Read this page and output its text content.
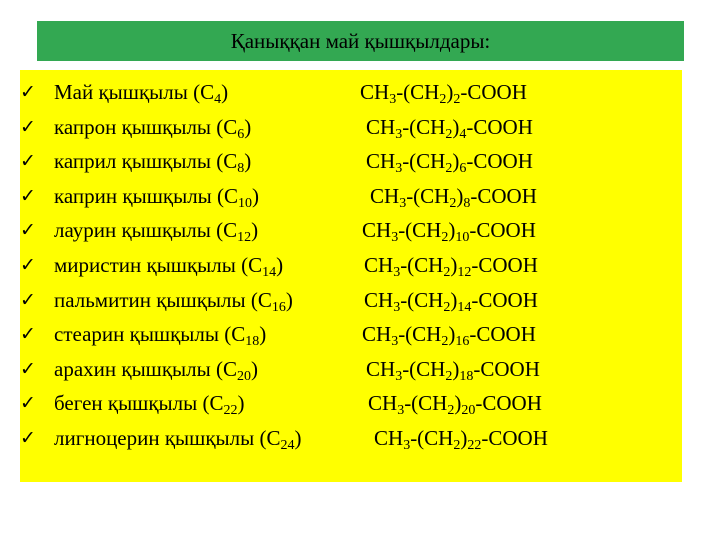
Қаныққан май қышқылдары:
✓ Май қышқылы $(С_4)$	$CH_3-(CH_2)_2$-COOH
✓ капрон қышқылы $(С_6)$	$CH_3-(CH_2)_4$-COOH
✓ каприл қышқылы $(С_8)$	$CH_3-(CH_2)_6$-COOH
✓ каприн қышқылы $(С_{10})$	$CH_3-(CH_2)_8$-COOH
✓ лаурин қышқылы $(С_{12})$	$CH_3-(CH_2)_{10}$-COOH
✓ миристин қышқылы $(С_{14})$	$CH_3-(CH_2)_{12}$-COOH
✓ пальмитин қышқылы $(С_{16})$	$CH_3-(CH_2)_{14}$-COOH
✓ стеарин қышқылы $(С_{18})$	$CH_3-(CH_2)_{16}$-COOH
✓ арахин қышқылы $(С_{20})$	$CH_3-(CH_2)_{18}$-COOH
✓ беген қышқылы $(С_{22})$	$CH_3-(CH_2)_{20}$-COOH
✓ лигноцерин қышқылы $(С_{24})$	$CH_3-(CH_2)_{22}$-COOH
